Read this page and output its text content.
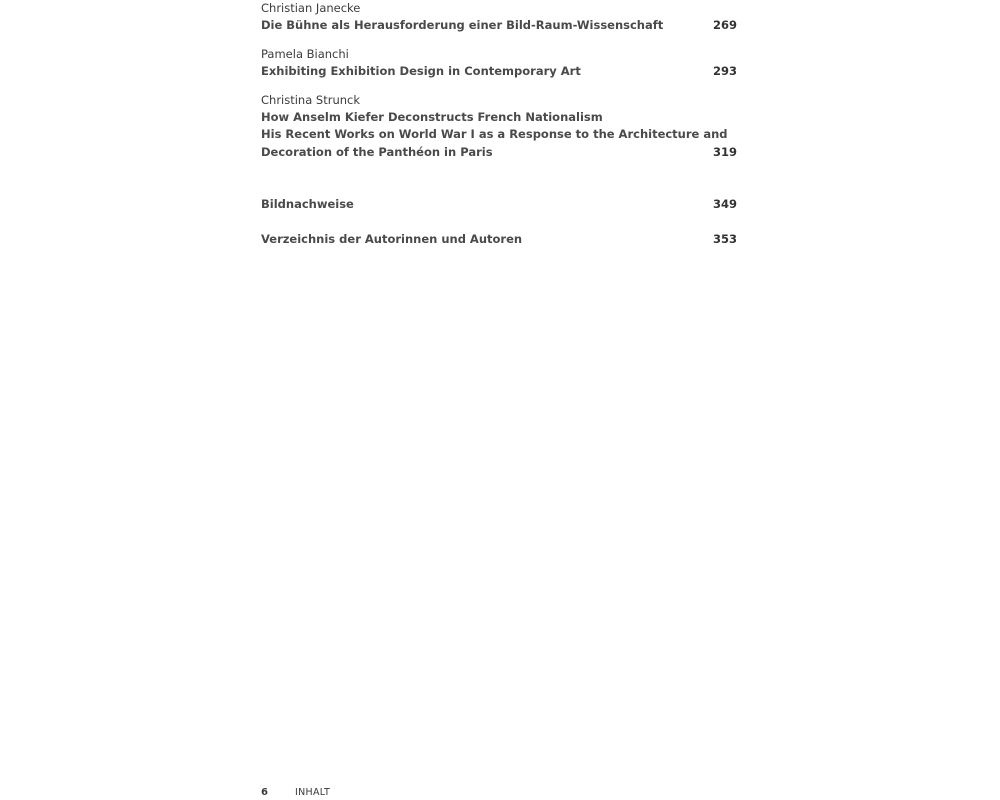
Christian Janecke
Die Bühne als Herausforderung einer Bild-Raum-Wissenschaft	269
Pamela Bianchi
Exhibiting Exhibition Design in Contemporary Art	293
Christina Strunck
How Anselm Kiefer Deconstructs French Nationalism
His Recent Works on World War I as a Response to the Architecture and
Decoration of the Panthéon in Paris	319
Bildnachweise	349
Verzeichnis der Autorinnen und Autoren	353
6	INHALT
